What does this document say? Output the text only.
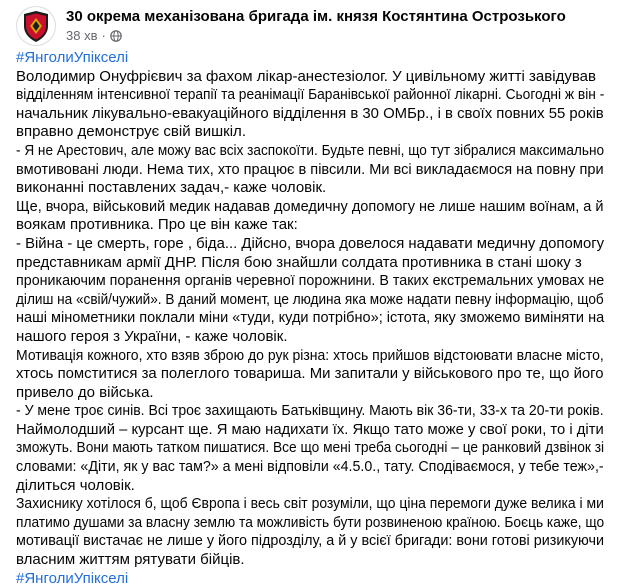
30 окрема механізована бригада ім. князя Костянтина Острозького
38 хв ·
#ЯнголиУпікселі
Володимир Онуфрієвич за фахом лікар-анестезіолог. У цивільному житті завідував
відділенням інтенсивної терапії та реанімації Баранівської районної лікарні. Сьогодні ж він -
начальник лікувально-евакуаційного відділення в 30 ОМБр., і в своїх повних 55 років
вправно демонструє свій вишкіл.
- Я не Арестович, але можу вас всіх заспокоїти. Будьте певні, що тут зібралися максимально
вмотивовані люди. Нема тих, хто працює в півсили. Ми всі викладаємося на повну при
виконанні поставлених задач,- каже чоловік.
Ще, вчора, військовий медик надавав домедичну допомогу не лише нашим воїнам, а й
воякам противника. Про це він каже так:
- Війна - це смерть, горе , біда... Дійсно, вчора довелося надавати медичну допомогу
представникам армії ДНР. Після бою знайшли солдата противника в стані шоку з
проникаючим поранення органів черевної порожнини. В таких екстремальних умовах не
ділиш на «свій/чужий». В даний момент, це людина яка може надати певну інформацію, щоб
наші мінометники поклали міни «туди, куди потрібно»; істота, яку зможемо виміняти на
нашого героя з України, - каже чоловік.
Мотивація кожного, хто взяв зброю до рук різна: хтось прийшов відстоювати власне місто,
хтось помститися за полеглого товариша. Ми запитали у військового про те, що його
привело до війська.
- У мене троє синів. Всі троє захищають Батьківщину. Мають вік 36-ти, 33-х та 20-ти років.
Наймолодший – курсант ще. Я маю надихати їх. Якщо тато може у свої роки, то і діти
зможуть. Вони мають татком пишатися. Все що мені треба сьогодні – це ранковий дзвінок зі
словами: «Діти, як у вас там?» а мені відповіли «4.5.0., тату. Сподіваємося, у тебе теж»,-
ділиться чоловік.
Захиснику хотілося б, щоб Європа і весь світ розуміли, що ціна перемоги дуже велика і ми
платимо душами за власну землю та можливість бути розвиненою країною. Боєць каже, що
мотивації вистачає не лише у його підрозділу, а й у всієї бригади: вони готові ризикуючи
власним життям рятувати бійців.
#ЯнголиУпікселі
